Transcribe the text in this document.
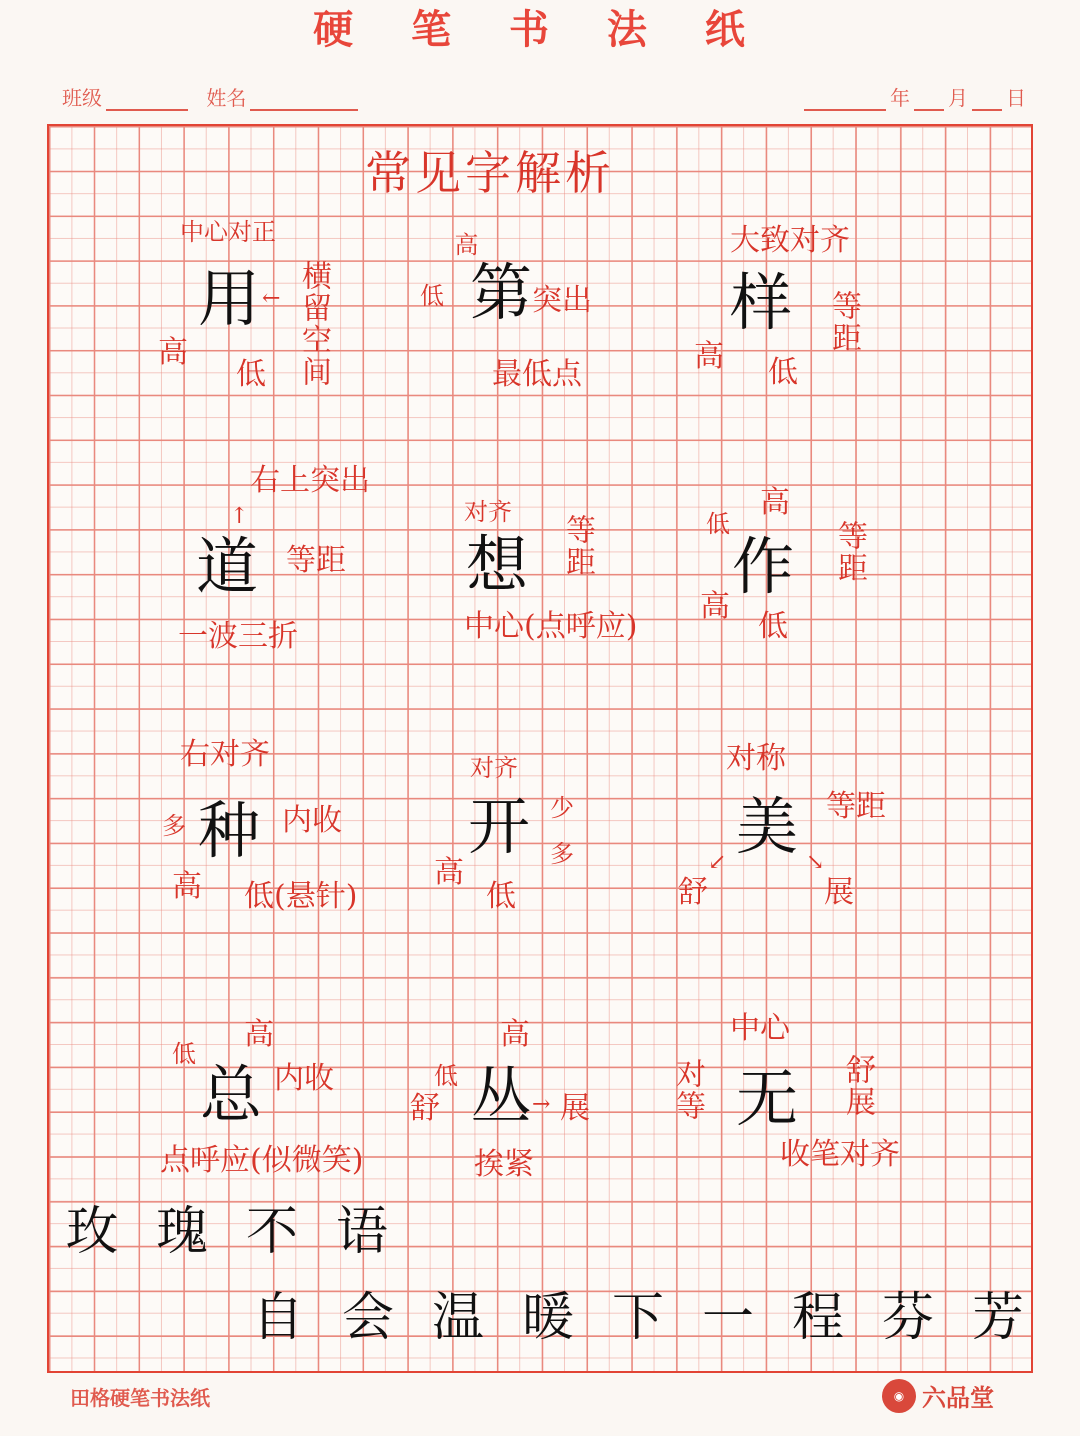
硬 笔 书 法 纸
班级	姓名	年 月 日
常见字解析
中心对正
用 ← 横留空间
高
低
高
低 第 突出
最低点
大致对齐
样 等距
高 低
右上突出
↑
道 等距
一波三折
对齐
想 等距
中心(点呼应)
低
高
作 等距
高
低
右对齐
多 种 内收
高 低(悬针)
对齐
开 少
多
高
低
对称
美 等距
↙	↘
舒	展
低
高
总 内收
点呼应(似微笑)
低
高
舒 丛 → 展
挨紧
中心
对等 无 舒展
收笔对齐
玫瑰不语
自会温暖下一程芬芳
田格硬笔书法纸	◉ 六品堂
